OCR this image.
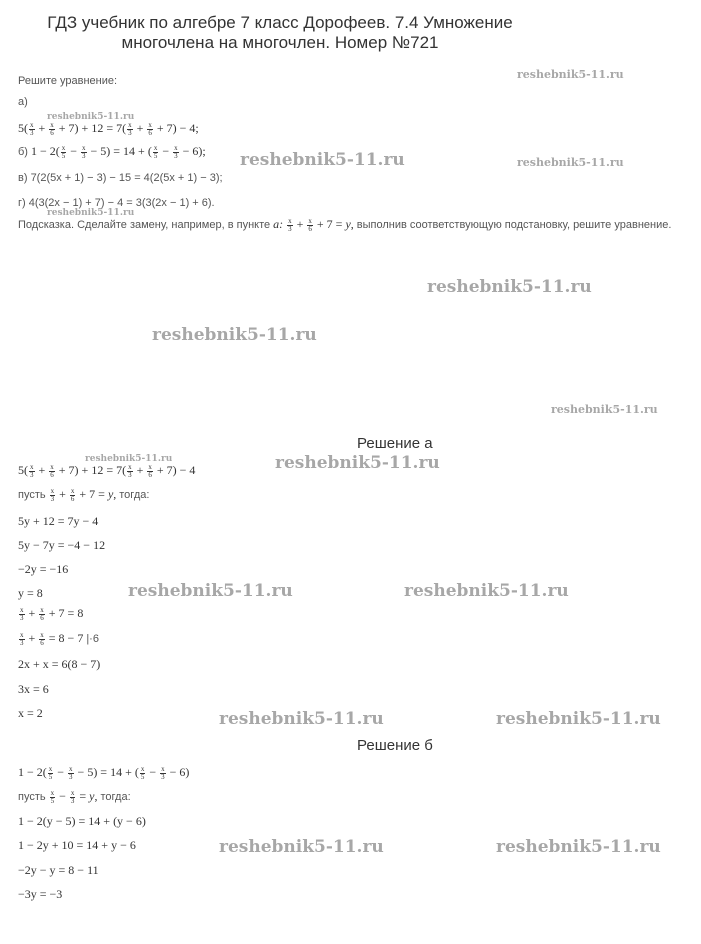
ГДЗ учебник по алгебре 7 класс Дорофеев. 7.4 Умножение
многочлена на многочлен. Номер №721
Решите уравнение:
а)
$5( \frac{x}{3} + \frac{x}{6} + 7) + 12 = 7( \frac{x}{3} + \frac{x}{6} + 7) - 4$;
б) $1 - 2( \frac{x}{5} - \frac{x}{3} - 5) = 14$ + ( $\frac{x}{5} - \frac{x}{3} - 6$);
в) 7(2(5x + 1) − 3) − 15 = 4(2(5x + 1) − 3);
г) 4(3(2x − 1) + 7) − 4 = 3(3(2x − 1) + 6).
Подсказка. Сделайте замену, например, в пункте а: $\frac{x}{3} + \frac{x}{6} + 7 = y$, выполнив соответствующую подстановку, решите уравнение.
Решение а
$5( \frac{x}{3} + \frac{x}{6} + 7) + 12 = 7( \frac{x}{3} + \frac{x}{6} + 7) - 4$
пусть $\frac{x}{3} + \frac{x}{6} + 7 = y$, тогда:
5y + 12 = 7y − 4
5y − 7y = −4 − 12
−2y = −16
y = 8
$\frac{x}{3} + \frac{x}{6} + 7 = 8$
$\frac{x}{3} + \frac{x}{6} = 8 - 7$ |·6
2x + x = 6(8 − 7)
3x = 6
x = 2
Решение б
$1 - 2( \frac{x}{5} - \frac{x}{3} - 5) = 14$ + ( $\frac{x}{5} - \frac{x}{3} - 6$)
пусть $\frac{x}{5} - \frac{x}{3} = y$, тогда:
1 − 2(y − 5) = 14 + (y − 6)
1 − 2y + 10 = 14 + y − 6
−2y − y = 8 − 11
−3y = −3
reshebnik5-11.ru
reshebnik5-11.ru
reshebnik5-11.ru	reshebnik5-11.ru
reshebnik5-11.ru
reshebnik5-11.ru
reshebnik5-11.ru
reshebnik5-11.ru
reshebnik5-11.ru	reshebnik5-11.ru
reshebnik5-11.ru	reshebnik5-11.ru
reshebnik5-11.ru	reshebnik5-11.ru
reshebnik5-11.ru	reshebnik5-11.ru
